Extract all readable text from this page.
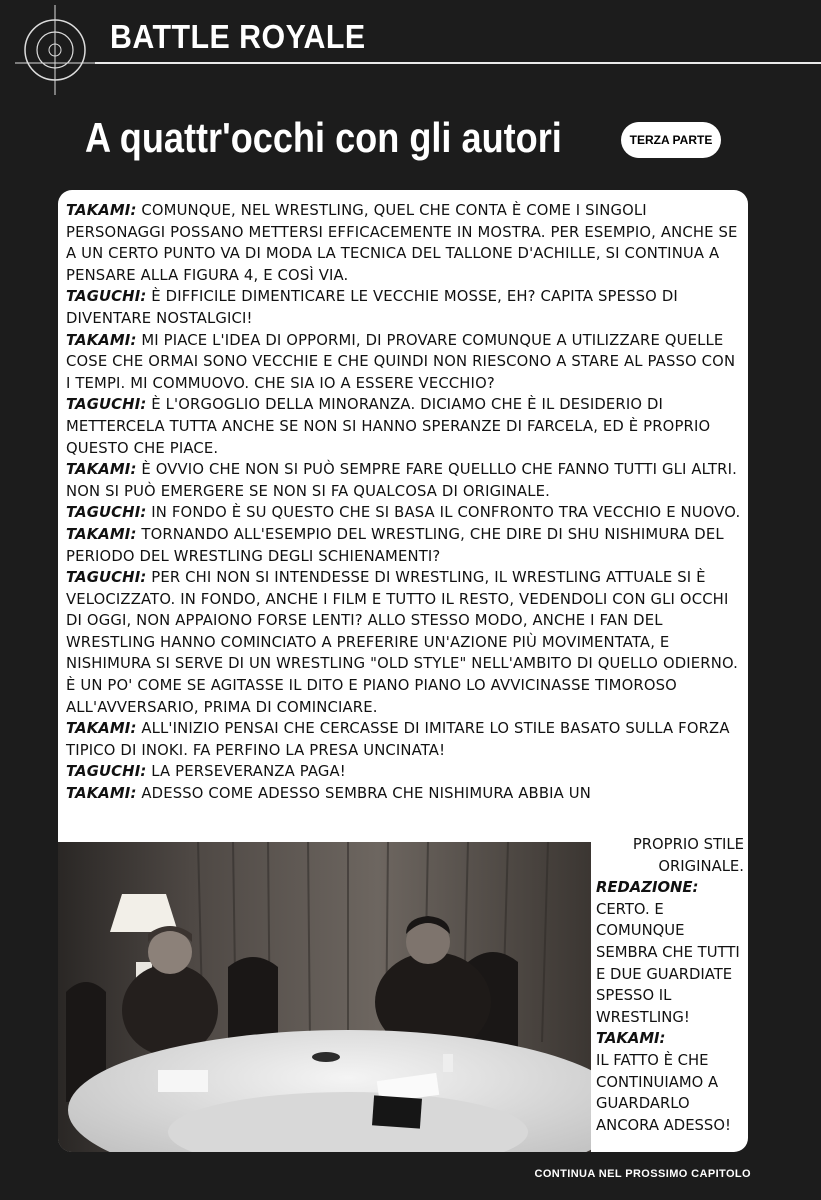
BATTLE ROYALE
A quattr'occhi con gli autori	TERZA PARTE
TAKAMI: COMUNQUE, NEL WRESTLING, QUEL CHE CONTA È COME I SINGOLI PERSONAGGI POSSANO METTERSI EFFICACEMENTE IN MOSTRA. PER ESEMPIO, ANCHE SE A UN CERTO PUNTO VA DI MODA LA TECNICA DEL TALLONE D'ACHILLE, SI CONTINUA A PENSARE ALLA FIGURA 4, E COSÌ VIA.
TAGUCHI: È DIFFICILE DIMENTICARE LE VECCHIE MOSSE, EH? CAPITA SPESSO DI DIVENTARE NOSTALGICI!
TAKAMI: MI PIACE L'IDEA DI OPPORMI, DI PROVARE COMUNQUE A UTILIZZARE QUELLE COSE CHE ORMAI SONO VECCHIE E CHE QUINDI NON RIESCONO A STARE AL PASSO CON I TEMPI. MI COMMUOVO. CHE SIA IO A ESSERE VECCHIO?
TAGUCHI: È L'ORGOGLIO DELLA MINORANZA. DICIAMO CHE È IL DESIDERIO DI METTERCELA TUTTA ANCHE SE NON SI HANNO SPERANZE DI FARCELA, ED È PROPRIO QUESTO CHE PIACE.
TAKAMI: È OVVIO CHE NON SI PUÒ SEMPRE FARE QUELLLO CHE FANNO TUTTI GLI ALTRI. NON SI PUÒ EMERGERE SE NON SI FA QUALCOSA DI ORIGINALE.
TAGUCHI: IN FONDO È SU QUESTO CHE SI BASA IL CONFRONTO TRA VECCHIO E NUOVO.
TAKAMI: TORNANDO ALL'ESEMPIO DEL WRESTLING, CHE DIRE DI SHU NISHIMURA DEL PERIODO DEL WRESTLING DEGLI SCHIENAMENTI?
TAGUCHI: PER CHI NON SI INTENDESSE DI WRESTLING, IL WRESTLING ATTUALE SI È VELOCIZZATO. IN FONDO, ANCHE I FILM E TUTTO IL RESTO, VEDENDOLI CON GLI OCCHI DI OGGI, NON APPAIONO FORSE LENTI? ALLO STESSO MODO, ANCHE I FAN DEL WRESTLING HANNO COMINCIATO A PREFERIRE UN'AZIONE PIÙ MOVIMENTATA, E NISHIMURA SI SERVE DI UN WRESTLING "OLD STYLE" NELL'AMBITO DI QUELLO ODIERNO. È UN PO' COME SE AGITASSE IL DITO E PIANO PIANO LO AVVICINASSE TIMOROSO ALL'AVVERSARIO, PRIMA DI COMINCIARE.
TAKAMI: ALL'INIZIO PENSAI CHE CERCASSE DI IMITARE LO STILE BASATO SULLA FORZA TIPICO DI INOKI. FA PERFINO LA PRESA UNCINATA!
TAGUCHI: LA PERSEVERANZA PAGA!
TAKAMI: ADESSO COME ADESSO SEMBRA CHE NISHIMURA ABBIA UN
PROPRIO STILE ORIGINALE.
REDAZIONE:
CERTO. E COMUNQUE SEMBRA CHE TUTTI E DUE GUARDIATE SPESSO IL WRESTLING!
TAKAMI:
IL FATTO È CHE CONTINUIAMO A GUARDARLO ANCORA ADESSO!
CONTINUA NEL PROSSIMO CAPITOLO
